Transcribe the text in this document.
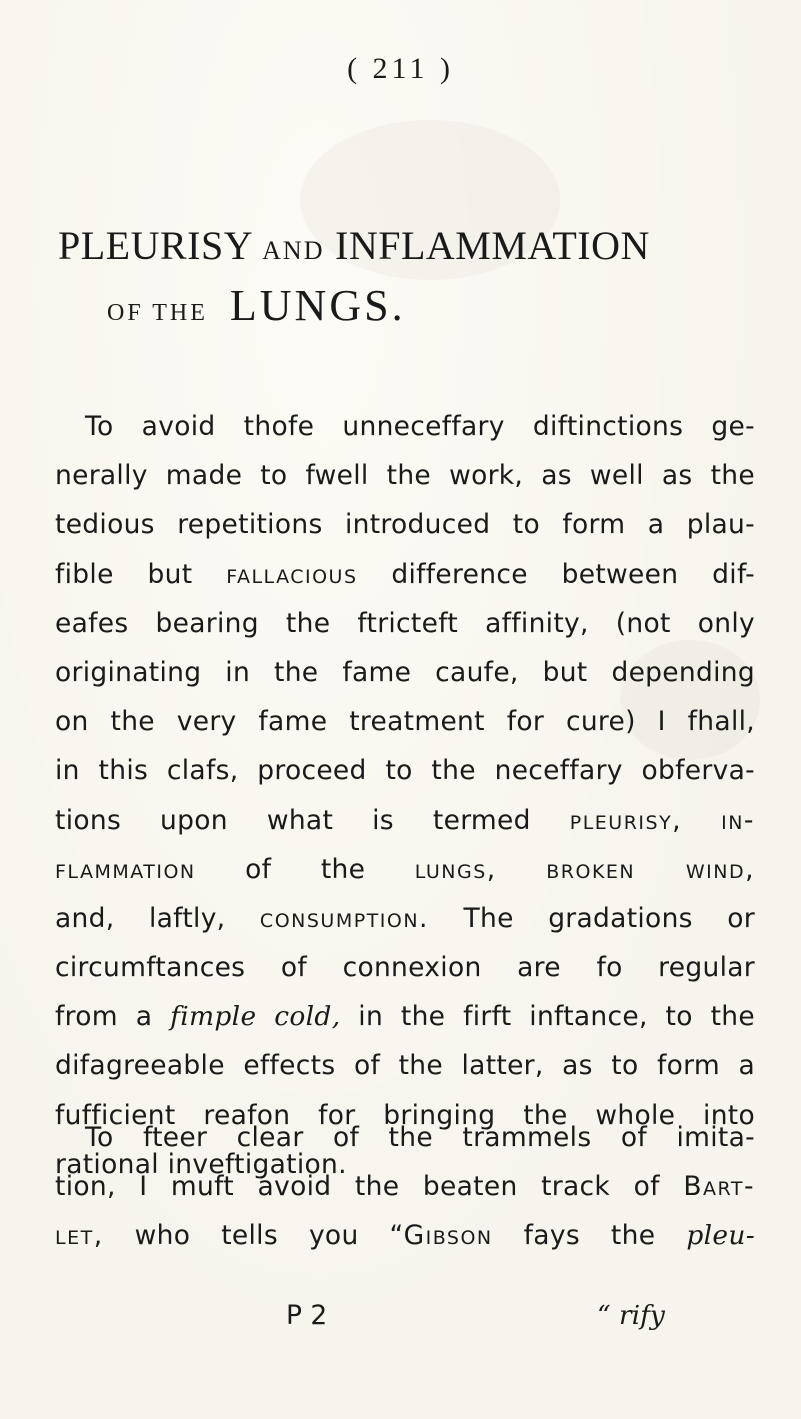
( 211 )
PLEURISY AND INFLAMMATION
OF THE LUNGS.
To avoid thofe unneceffary diftinctions ge-
nerally made to fwell the work, as well as the
tedious repetitions introduced to form a plau-
fible but fallacious difference between dif-
eafes bearing the ftricteft affinity, (not only
originating in the fame caufe, but depending
on the very fame treatment for cure) I fhall,
in this clafs, proceed to the neceffary obferva-
tions upon what is termed pleurisy, in-
flammation of the lungs, broken wind,
and, laftly, consumption. The gradations or
circumftances of connexion are fo regular
from a fimple cold, in the firft inftance, to the
difagreeable effects of the latter, as to form a
fufficient reafon for bringing the whole into
rational inveftigation.
To fteer clear of the trammels of imita-
tion, I muft avoid the beaten track of Bart-
let, who tells you “Gibson fays the pleu-
P 2	“ rify
